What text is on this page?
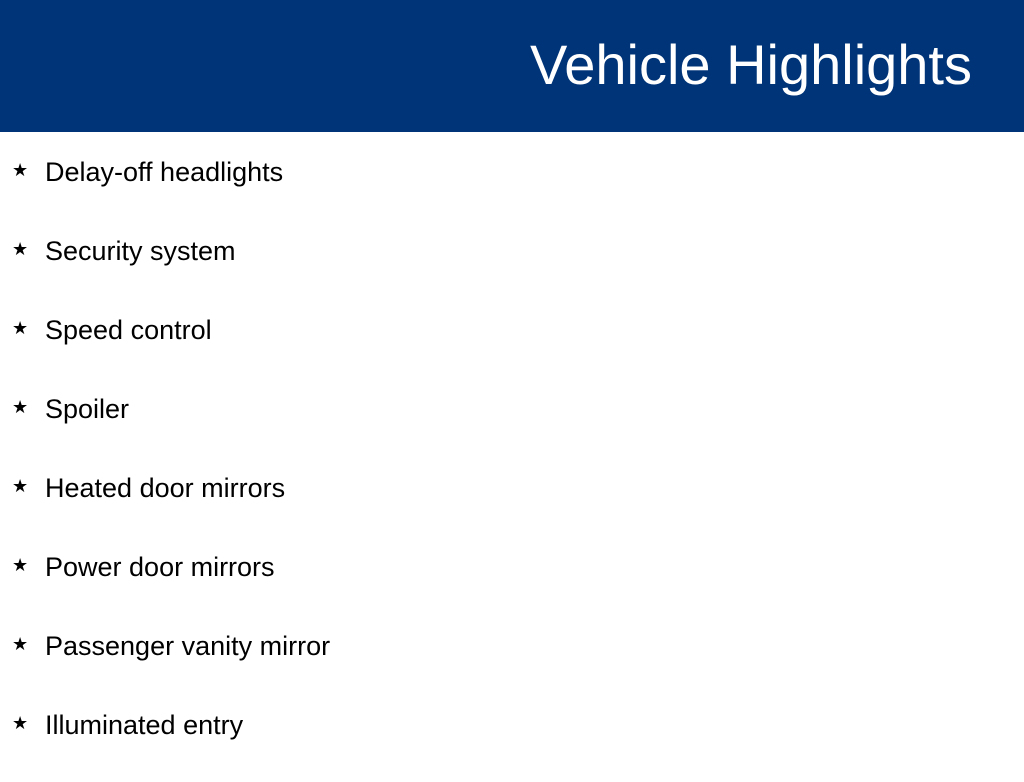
Vehicle Highlights
★ Delay-off headlights
★ Security system
★ Speed control
★ Spoiler
★ Heated door mirrors
★ Power door mirrors
★ Passenger vanity mirror
★ Illuminated entry
